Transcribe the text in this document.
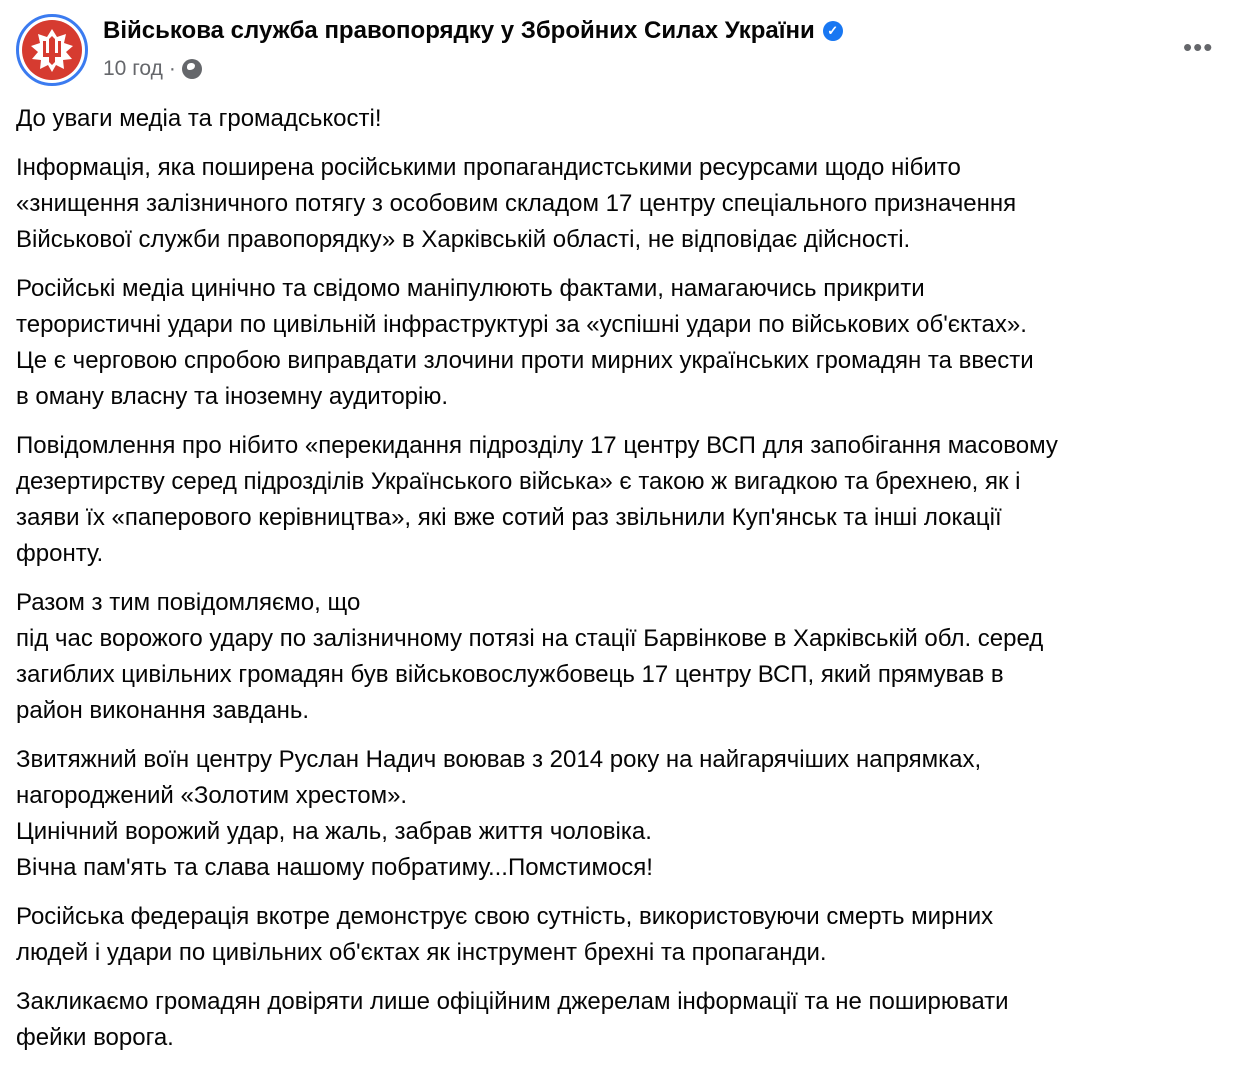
Військова служба правопорядку у Збройних Силах України ✓
10 год ·
•••
До уваги медіа та громадськості!
Інформація, яка поширена російськими пропагандистськими ресурсами щодо нібито
«знищення залізничного потягу з особовим складом 17 центру спеціального призначення
Військової служби правопорядку» в Харківській області, не відповідає дійсності.
Російські медіа цинічно та свідомо маніпулюють фактами, намагаючись прикрити
терористичні удари по цивільній інфраструктурі за «успішні удари по військових об'єктах».
Це є черговою спробою виправдати злочини проти мирних українських громадян та ввести
в оману власну та іноземну аудиторію.
Повідомлення про нібито «перекидання підрозділу 17 центру ВСП для запобігання масовому
дезертирству серед підрозділів Українського війська» є такою ж вигадкою та брехнею, як і
заяви їх «паперового керівництва», які вже сотий раз звільнили Куп'янськ та інші локації
фронту.
Разом з тим повідомляємо, що
під час ворожого удару по залізничному потязі на стації Барвінкове в Харківській обл. серед
загиблих цивільних громадян був військовослужбовець 17 центру ВСП, який прямував в
район виконання завдань.
Звитяжний воїн центру Руслан Надич воював з 2014 року на найгарячіших напрямках,
нагороджений «Золотим хрестом».
Цинічний ворожий удар, на жаль, забрав життя чоловіка.
Вічна пам'ять та слава нашому побратиму...Помстимося!
Російська федерація вкотре демонструє свою сутність, використовуючи смерть мирних
людей і удари по цивільних об'єктах як інструмент брехні та пропаганди.
Закликаємо громадян довіряти лише офіційним джерелам інформації та не поширювати
фейки ворога.
